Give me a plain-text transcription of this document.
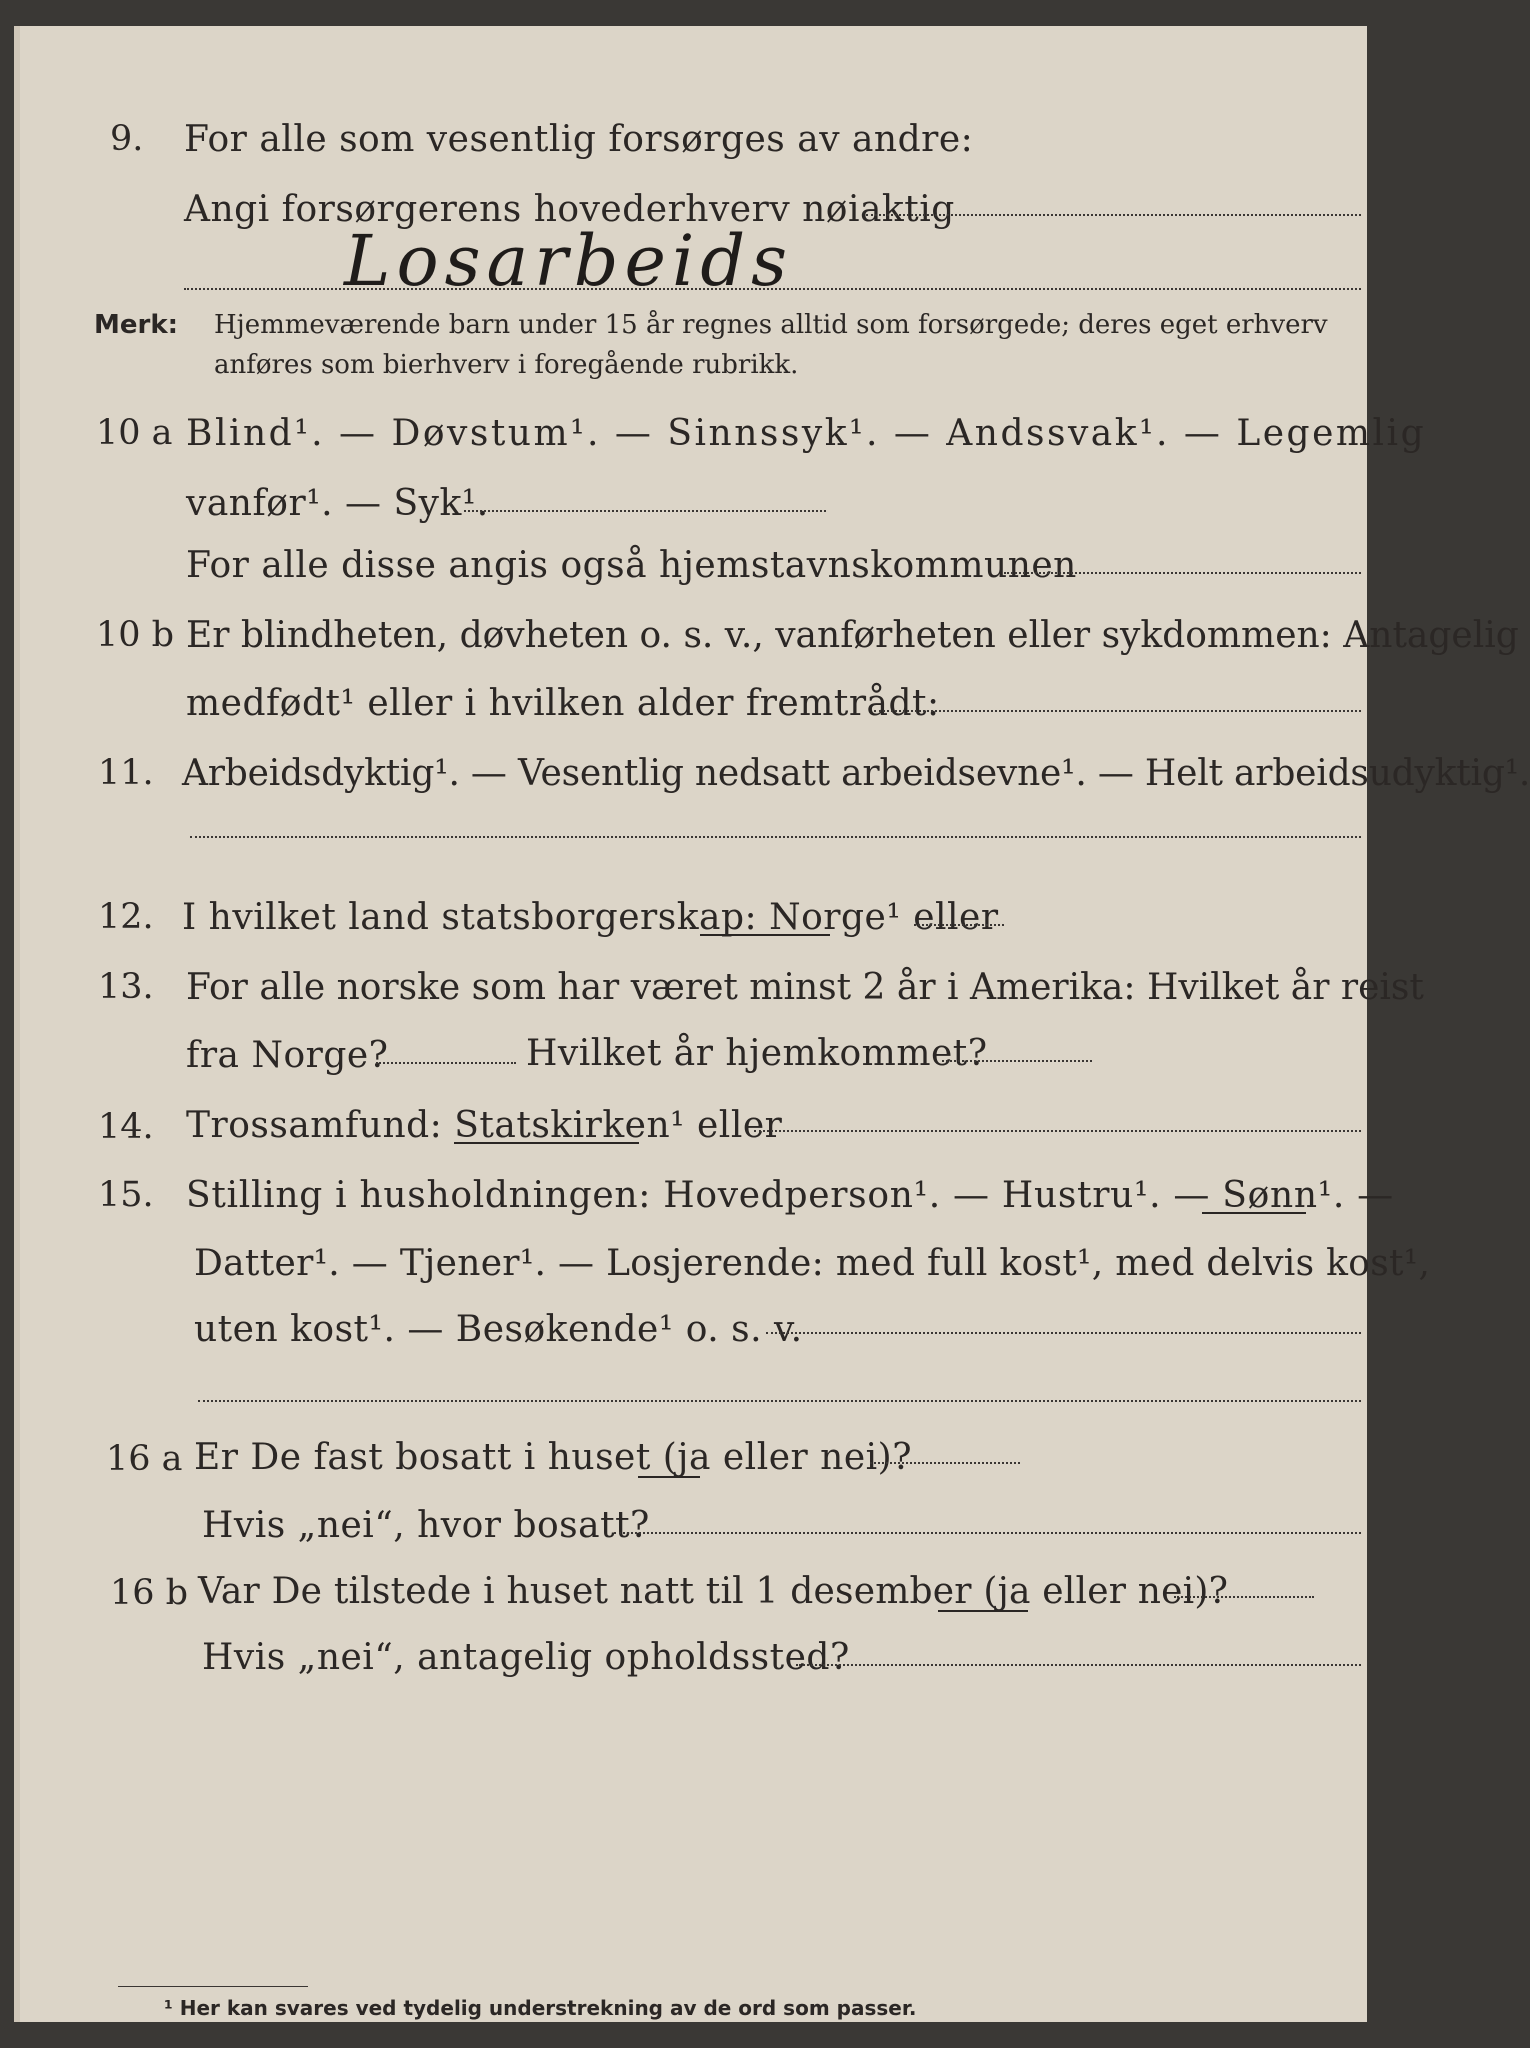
9. For alle som vesentlig forsørges av andre:
Angi forsørgerens hovederhverv nøiaktig
Losarbeids
Merk: Hjemmeværende barn under 15 år regnes alltid som forsørgede; deres eget erhverv
anføres som bierhverv i foregående rubrikk.
10 a Blind¹. — Døvstum¹. — Sinnssyk¹. — Andssvak¹. — Legemlig
vanfør¹. — Syk¹.
For alle disse angis også hjemstavnskommunen
10 b Er blindheten, døvheten o. s. v., vanførheten eller sykdommen: Antagelig
medfødt¹ eller i hvilken alder fremtrådt:
11. Arbeidsdyktig¹. — Vesentlig nedsatt arbeidsevne¹. — Helt arbeidsudyktig¹.
12. I hvilket land statsborgerskap: Norge¹ eller
13. For alle norske som har været minst 2 år i Amerika: Hvilket år reist
fra Norge?	Hvilket år hjemkommet?
14. Trossamfund: Statskirken¹ eller
15. Stilling i husholdningen: Hovedperson¹. — Hustru¹. — Sønn¹. —
Datter¹. — Tjener¹. — Losjerende: med full kost¹, med delvis kost¹,
uten kost¹. — Besøkende¹ o. s. v.
16 a Er De fast bosatt i huset (ja eller nei)?
Hvis „nei“, hvor bosatt?
16 b Var De tilstede i huset natt til 1 desember (ja eller nei)?
Hvis „nei“, antagelig opholdssted?
¹ Her kan svares ved tydelig understrekning av de ord som passer.
